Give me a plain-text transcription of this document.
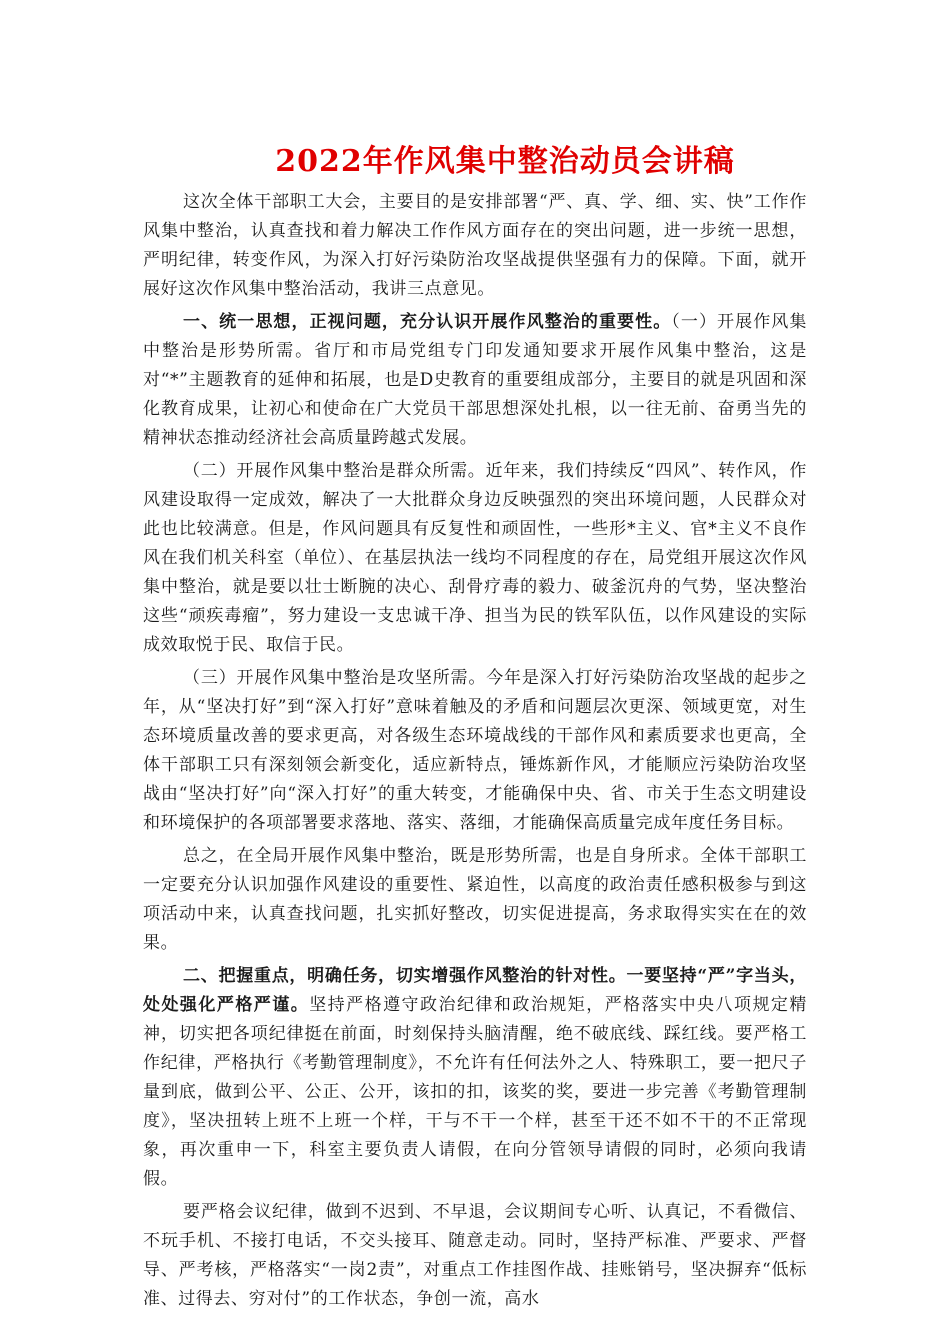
2022年作风集中整治动员会讲稿

这次全体干部职工大会，主要目的是安排部署“严、真、学、细、实、快”工作作风集中整治，认真查找和着力解决工作作风方面存在的突出问题，进一步统一思想，严明纪律，转变作风，为深入打好污染防治攻坚战提供坚强有力的保障。下面，就开展好这次作风集中整治活动，我讲三点意见。

一、统一思想，正视问题，充分认识开展作风整治的重要性。（一）开展作风集中整治是形势所需。省厅和市局党组专门印发通知要求开展作风集中整治，这是对“*”主题教育的延伸和拓展，也是D史教育的重要组成部分，主要目的就是巩固和深化教育成果，让初心和使命在广大党员干部思想深处扎根，以一往无前、奋勇当先的精神状态推动经济社会高质量跨越式发展。

（二）开展作风集中整治是群众所需。近年来，我们持续反“四风”、转作风，作风建设取得一定成效，解决了一大批群众身边反映强烈的突出环境问题，人民群众对此也比较满意。但是，作风问题具有反复性和顽固性，一些形*主义、官*主义不良作风在我们机关科室（单位）、在基层执法一线均不同程度的存在，局党组开展这次作风集中整治，就是要以壮士断腕的决心、刮骨疗毒的毅力、破釜沉舟的气势，坚决整治这些“顽疾毒瘤”，努力建设一支忠诚干净、担当为民的铁军队伍，以作风建设的实际成效取悦于民、取信于民。

（三）开展作风集中整治是攻坚所需。今年是深入打好污染防治攻坚战的起步之年，从“坚决打好”到“深入打好”意味着触及的矛盾和问题层次更深、领域更宽，对生态环境质量改善的要求更高，对各级生态环境战线的干部作风和素质要求也更高，全体干部职工只有深刻领会新变化，适应新特点，锤炼新作风，才能顺应污染防治攻坚战由“坚决打好”向“深入打好”的重大转变，才能确保中央、省、市关于生态文明建设和环境保护的各项部署要求落地、落实、落细，才能确保高质量完成年度任务目标。

总之，在全局开展作风集中整治，既是形势所需，也是自身所求。全体干部职工一定要充分认识加强作风建设的重要性、紧迫性，以高度的政治责任感积极参与到这项活动中来，认真查找问题，扎实抓好整改，切实促进提高，务求取得实实在在的效果。

二、把握重点，明确任务，切实增强作风整治的针对性。一要坚持“严”字当头，处处强化严格严谨。坚持严格遵守政治纪律和政治规矩，严格落实中央八项规定精神，切实把各项纪律挺在前面，时刻保持头脑清醒，绝不破底线、踩红线。要严格工作纪律，严格执行《考勤管理制度》，不允许有任何法外之人、特殊职工，要一把尺子量到底，做到公平、公正、公开，该扣的扣，该奖的奖，要进一步完善《考勤管理制度》，坚决扭转上班不上班一个样，干与不干一个样，甚至干还不如不干的不正常现象，再次重申一下，科室主要负责人请假，在向分管领导请假的同时，必须向我请假。

要严格会议纪律，做到不迟到、不早退，会议期间专心听、认真记，不看微信、不玩手机、不接打电话，不交头接耳、随意走动。同时，坚持严标准、严要求、严督导、严考核，严格落实“一岗2责”，对重点工作挂图作战、挂账销号，坚决摒弃“低标准、过得去、穷对付”的工作状态，争创一流，高水
